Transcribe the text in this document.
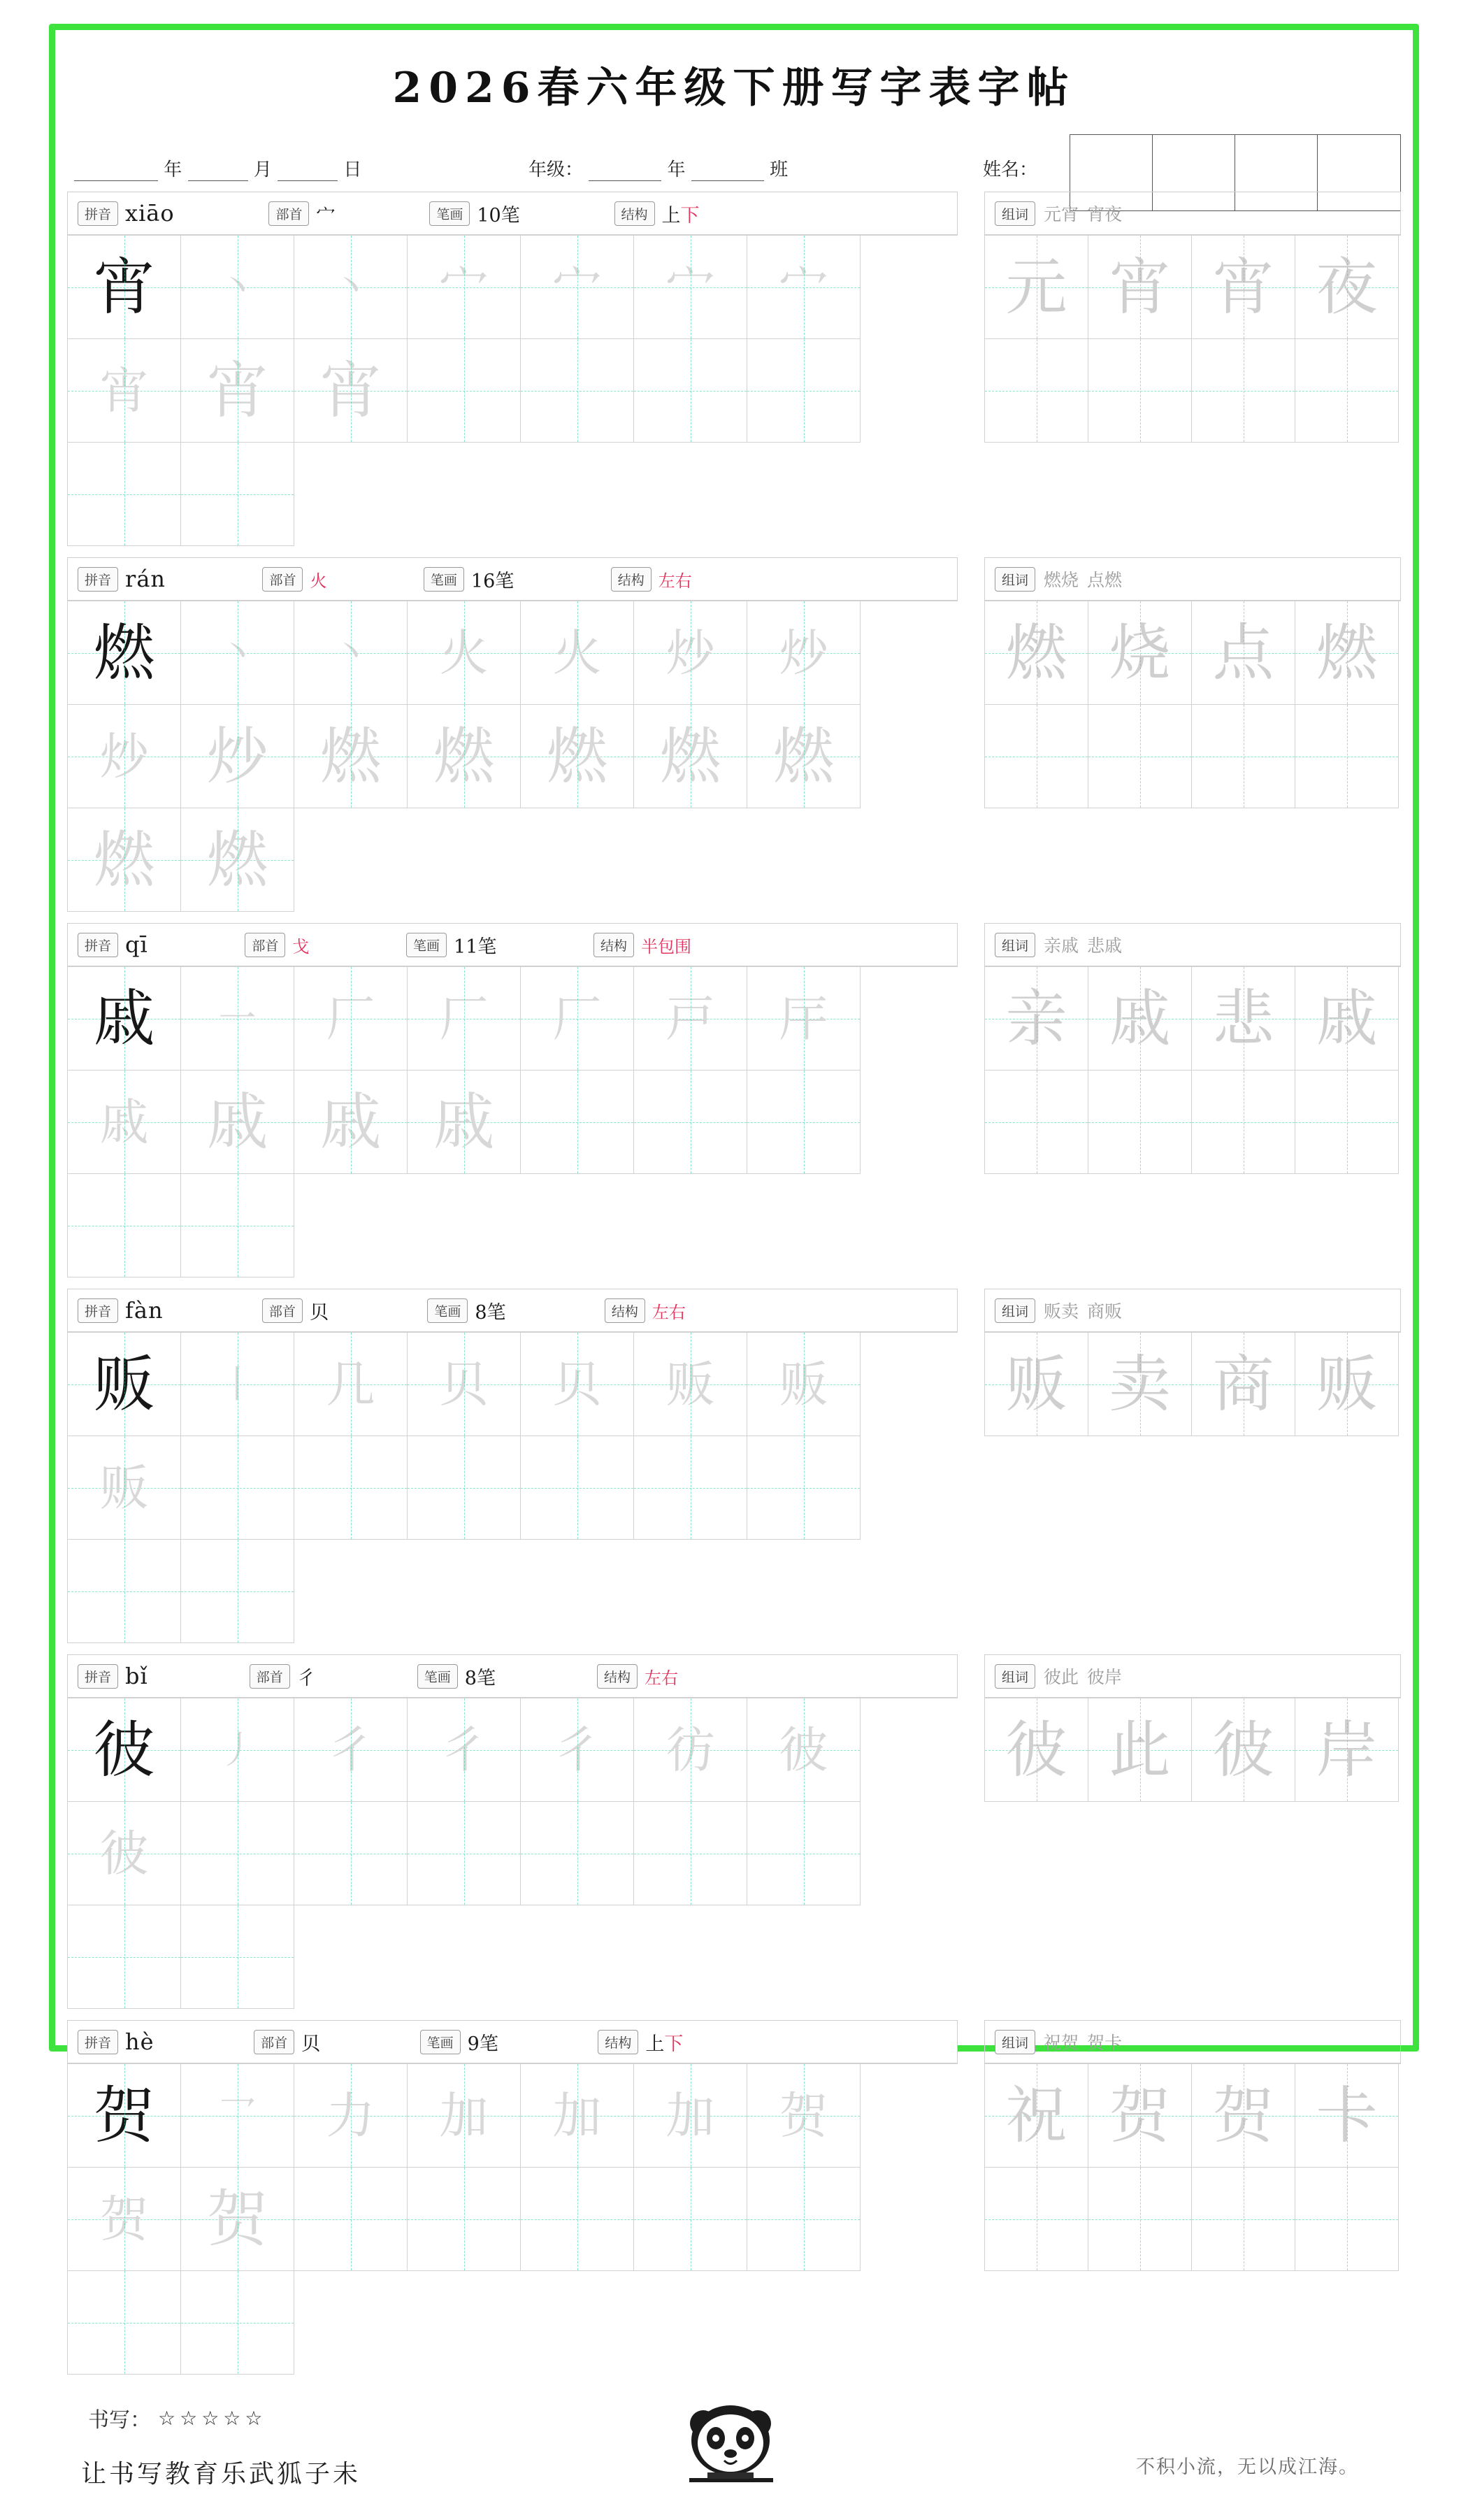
2026春六年级下册写字表字帖
年	月	日	年级：	年	班	姓名：
拼音 xiāo	部首 宀	笔画 10笔	结构 上下
宵	丶	丶	宀	宀	宀	宀
宵 宵 宵
组词 元宵 宵夜
元 宵 宵 夜
拼音 rán	部首 火	笔画 16笔	结构 左右
燃	丶	丶	火	火	炒	炒
炒 炒 燃 燃 燃 燃 燃
燃 燃
组词 燃烧 点燃
燃 烧 点 燃
拼音 qī	部首 戈	笔画 11笔	结构 半包围
戚	一	厂	厂	厂	戸	厈
戚 戚 戚 戚
组词 亲戚 悲戚
亲 戚 悲 戚
拼音 fàn	部首 贝	笔画 8笔	结构 左右
贩	丨	几	贝	贝	贩	贩
贩
组词 贩卖 商贩
贩 卖 商 贩
拼音 bǐ	部首 彳	笔画 8笔	结构 左右
彼	丿	彳	彳	彳	彷	彼
彼
组词 彼此 彼岸
彼 此 彼 岸
拼音 hè	部首 贝	笔画 9笔	结构 上下
贺	乛	力	加	加	加	贺
贺 贺
组词 祝贺 贺卡
祝 贺 贺 卡
书写： ☆☆☆☆☆
让书写教育乐武狐子未	不积小流，无以成江海。
